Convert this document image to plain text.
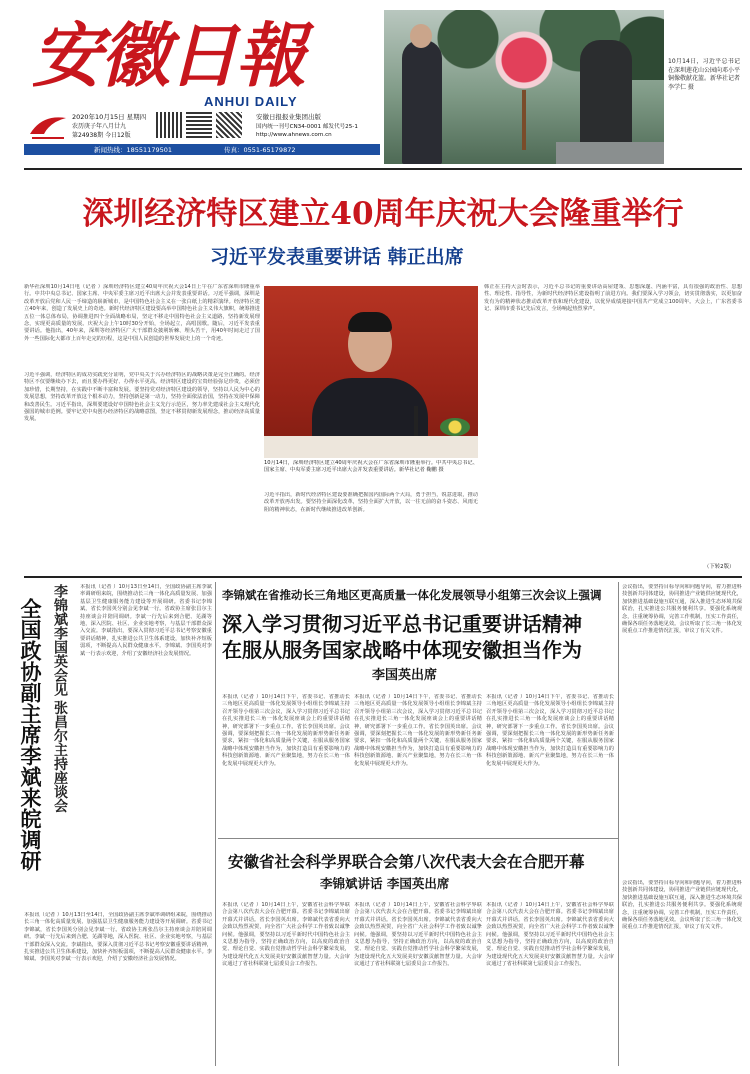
安徽日報
ANHUI DAILY
2020年10月15日 星期四
农历庚子年八月廿九
第24938期 今日12版
安徽日报报业集团出版
国内统一刊号CN34-0001 邮发代号25-1
http://www.ahnews.com.cn
新闻热线：18551179501	传真：0551-65179872
10月14日，习近平总书记在深圳莲花山公园向邓小平铜像敬献花篮。新华社记者 李学仁 摄
深圳经济特区建立40周年庆祝大会隆重举行
习近平发表重要讲话 韩正出席
新华社深圳10月14日电（记者 ）深圳经济特区建立40周年庆祝大会14日上午在广东省深圳市隆重举行。中共中央总书记、国家主席、中央军委主席习近平出席大会并发表重要讲话。习近平强调，深圳是改革开放后党和人民一手缔造的崭新城市，是中国特色社会主义在一张白纸上的精彩演绎。经济特区建立40年来，创造了发展史上的奇迹。新时代经济特区建设要高举中国特色社会主义伟大旗帜，统筹推进五位一体总体布局，协调推进四个全面战略布局，坚定不移走中国特色社会主义道路，坚持新发展理念，实现更高质量的发展。庆祝大会上午10时30分开始，全场起立，高唱国歌。随后，习近平发表重要讲话。他指出，40年来，深圳等经济特区广大干部群众披荆斩棘、埋头苦干，用40年时间走过了国外一些国际化大都市上百年走完的历程，这是中国人民创造的世界发展史上的一个奇迹。
习近平强调，经济特区的成功实践充分证明，党中央关于兴办经济特区的战略决策是完全正确的。经济特区不仅要继续办下去，而且要办得更好、办得水平更高。经济特区建设的宝贵经验弥足珍贵，必须倍加珍惜，长期坚持，在实践中不断丰富和发展。要坚持党对经济特区建设的领导，坚持以人民为中心的发展思想，坚持改革开放这个根本动力，坚持创新是第一动力，坚持全面依法治国，坚持在发展中保障和改善民生。习近平指出，深圳要建设好中国特色社会主义先行示范区，努力率先建成社会主义现代化强国的城市范例。要牢记党中央创办经济特区的战略意图，坚定不移贯彻新发展理念，推动经济高质量发展。
10月14日，深圳经济特区建立40周年庆祝大会在广东省深圳市隆重举行。中共中央总书记、国家主席、中央军委主席习近平出席大会并发表重要讲话。新华社记者 鞠鹏 摄
习近平指出，新时代经济特区建设要准确把握国内国际两个大局，勇于担当，锐意进取，推动改革开放再出发。要坚持全面深化改革，坚持全面扩大开放，以一往无前的奋斗姿态、风雨无阻的精神状态，在新时代继续推进改革创新。
韩正在主持大会时表示，习近平总书记的重要讲话高屋建瓴、思想深邃、内涵丰富，具有很强的政治性、思想性、理论性、指导性，为新时代经济特区建设指明了前进方向。我们要深入学习领会，切实贯彻落实，以更加奋发有为的精神状态推动改革开放和现代化建设，以优异成绩迎接中国共产党成立100周年。大会上，广东省委书记、深圳市委书记先后发言，全场响起热烈掌声。
（下转2版）
全国政协副主席李斌来皖调研 李锦斌李国英会见 张昌尔主持座谈会 本报讯（记者 ）10月13日至14日，全国政协副主席李斌率调研组来皖，围绕推动长三角一体化高质量发展、加强基层卫生健康服务能力建设等开展调研。省委书记李锦斌，省长李国英分别会见李斌一行。省政协主席张昌尔主持座谈会并陪同调研。李斌一行先后来到合肥、芜湖等地，深入医院、社区、企业实地考察，与基层干部群众深入交流。李斌指出，要深入贯彻习近平总书记考察安徽重要讲话精神，扎实推进公共卫生体系建设，加快补齐短板弱项，不断提高人民群众健康水平。李锦斌、李国英对李斌一行表示欢迎，介绍了安徽经济社会发展情况。
本报讯（记者 ）10月13日至14日，全国政协副主席李斌率调研组来皖，围绕推动长三角一体化高质量发展、加强基层卫生健康服务能力建设等开展调研。省委书记李锦斌，省长李国英分别会见李斌一行。省政协主席张昌尔主持座谈会并陪同调研。李斌一行先后来到合肥、芜湖等地，深入医院、社区、企业实地考察，与基层干部群众深入交流。李斌指出，要深入贯彻习近平总书记考察安徽重要讲话精神，扎实推进公共卫生体系建设，加快补齐短板弱项，不断提高人民群众健康水平。李锦斌、李国英对李斌一行表示欢迎，介绍了安徽经济社会发展情况。
李锦斌在省推动长三角地区更高质量一体化发展领导小组第三次会议上强调
深入学习贯彻习近平总书记重要讲话精神
在服从服务国家战略中体现安徽担当作为
李国英出席
本报讯（记者 ）10月14日下午，省委书记、省推动长三角地区更高质量一体化发展领导小组组长李锦斌主持召开领导小组第三次会议，深入学习贯彻习近平总书记在扎实推进长三角一体化发展座谈会上的重要讲话精神，研究部署下一步重点工作。省长李国英出席。会议强调，要深刻把握长三角一体化发展的新形势新任务新要求，紧扣一体化和高质量两个关键，在服从服务国家战略中体现安徽担当作为，加快打造具有重要影响力的科技创新策源地、新兴产业聚集地，努力在长三角一体化发展中展现更大作为。
本报讯（记者 ）10月14日下午，省委书记、省推动长三角地区更高质量一体化发展领导小组组长李锦斌主持召开领导小组第三次会议，深入学习贯彻习近平总书记在扎实推进长三角一体化发展座谈会上的重要讲话精神，研究部署下一步重点工作。省长李国英出席。会议强调，要深刻把握长三角一体化发展的新形势新任务新要求，紧扣一体化和高质量两个关键，在服从服务国家战略中体现安徽担当作为，加快打造具有重要影响力的科技创新策源地、新兴产业聚集地，努力在长三角一体化发展中展现更大作为。
本报讯（记者 ）10月14日下午，省委书记、省推动长三角地区更高质量一体化发展领导小组组长李锦斌主持召开领导小组第三次会议，深入学习贯彻习近平总书记在扎实推进长三角一体化发展座谈会上的重要讲话精神，研究部署下一步重点工作。省长李国英出席。会议强调，要深刻把握长三角一体化发展的新形势新任务新要求，紧扣一体化和高质量两个关键，在服从服务国家战略中体现安徽担当作为，加快打造具有重要影响力的科技创新策源地、新兴产业聚集地，努力在长三角一体化发展中展现更大作为。
安徽省社会科学界联合会第八次代表大会在合肥开幕
李锦斌讲话 李国英出席
本报讯（记者 ）10月14日上午，安徽省社会科学界联合会第八次代表大会在合肥开幕。省委书记李锦斌出席开幕式并讲话。省长李国英出席。李锦斌代表省委向大会致以热烈祝贺，向全省广大社会科学工作者致以诚挚问候。他强调，要坚持以习近平新时代中国特色社会主义思想为指导，坚持正确政治方向，以高度的政治自觉、理论自觉、实践自觉推动哲学社会科学繁荣发展，为建设现代化五大发展美好安徽贡献智慧力量。大会审议通过了省社科联第七届委员会工作报告。
本报讯（记者 ）10月14日上午，安徽省社会科学界联合会第八次代表大会在合肥开幕。省委书记李锦斌出席开幕式并讲话。省长李国英出席。李锦斌代表省委向大会致以热烈祝贺，向全省广大社会科学工作者致以诚挚问候。他强调，要坚持以习近平新时代中国特色社会主义思想为指导，坚持正确政治方向，以高度的政治自觉、理论自觉、实践自觉推动哲学社会科学繁荣发展，为建设现代化五大发展美好安徽贡献智慧力量。大会审议通过了省社科联第七届委员会工作报告。
本报讯（记者 ）10月14日上午，安徽省社会科学界联合会第八次代表大会在合肥开幕。省委书记李锦斌出席开幕式并讲话。省长李国英出席。李锦斌代表省委向大会致以热烈祝贺，向全省广大社会科学工作者致以诚挚问候。他强调，要坚持以习近平新时代中国特色社会主义思想为指导，坚持正确政治方向，以高度的政治自觉、理论自觉、实践自觉推动哲学社会科学繁荣发展，为建设现代化五大发展美好安徽贡献智慧力量。大会审议通过了省社科联第七届委员会工作报告。
会议指出，要坚持目标导向和问题导向，着力推进科技创新共同体建设，协同推进产业链供应链现代化，加快推进基础设施互联互通，深入推进生态环境共保联治，扎实推进公共服务便利共享。要强化系统观念，注重统筹协调，完善工作机制，压实工作责任，确保各项任务落地见效。会议听取了长三角一体化发展重点工作推进情况汇报，审议了有关文件。
会议指出，要坚持目标导向和问题导向，着力推进科技创新共同体建设，协同推进产业链供应链现代化，加快推进基础设施互联互通，深入推进生态环境共保联治，扎实推进公共服务便利共享。要强化系统观念，注重统筹协调，完善工作机制，压实工作责任，确保各项任务落地见效。会议听取了长三角一体化发展重点工作推进情况汇报，审议了有关文件。
